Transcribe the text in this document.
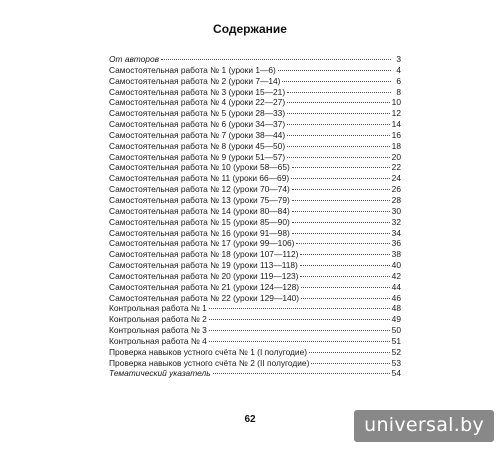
Содержание
От авторов	3
Самостоятельная работа № 1 (уроки 1—6)	4
Самостоятельная работа № 2 (уроки 7—14)	6
Самостоятельная работа № 3 (уроки 15—21)	8
Самостоятельная работа № 4 (уроки 22—27)	10
Самостоятельная работа № 5 (уроки 28—33)	12
Самостоятельная работа № 6 (уроки 34—37)	14
Самостоятельная работа № 7 (уроки 38—44)	16
Самостоятельная работа № 8 (уроки 45—50)	18
Самостоятельная работа № 9 (уроки 51—57)	20
Самостоятельная работа № 10 (уроки 58—65)	22
Самостоятельная работа № 11 (уроки 66—69)	24
Самостоятельная работа № 12 (уроки 70—74)	26
Самостоятельная работа № 13 (уроки 75—79)	28
Самостоятельная работа № 14 (уроки 80—84)	30
Самостоятельная работа № 15 (уроки 85—90)	32
Самостоятельная работа № 16 (уроки 91—98)	34
Самостоятельная работа № 17 (уроки 99—106)	36
Самостоятельная работа № 18 (уроки 107—112)	38
Самостоятельная работа № 19 (уроки 113—118)	40
Самостоятельная работа № 20 (уроки 119—123)	42
Самостоятельная работа № 21 (уроки 124—128)	44
Самостоятельная работа № 22 (уроки 129—140)	46
Контрольная работа № 1	48
Контрольная работа № 2	49
Контрольная работа № 3	50
Контрольная работа № 4	51
Проверка навыков устного счёта № 1 (I полугодие)	52
Проверка навыков устного счёта № 2 (II полугодие)	53
Тематический указатель	54
62	universal.by
